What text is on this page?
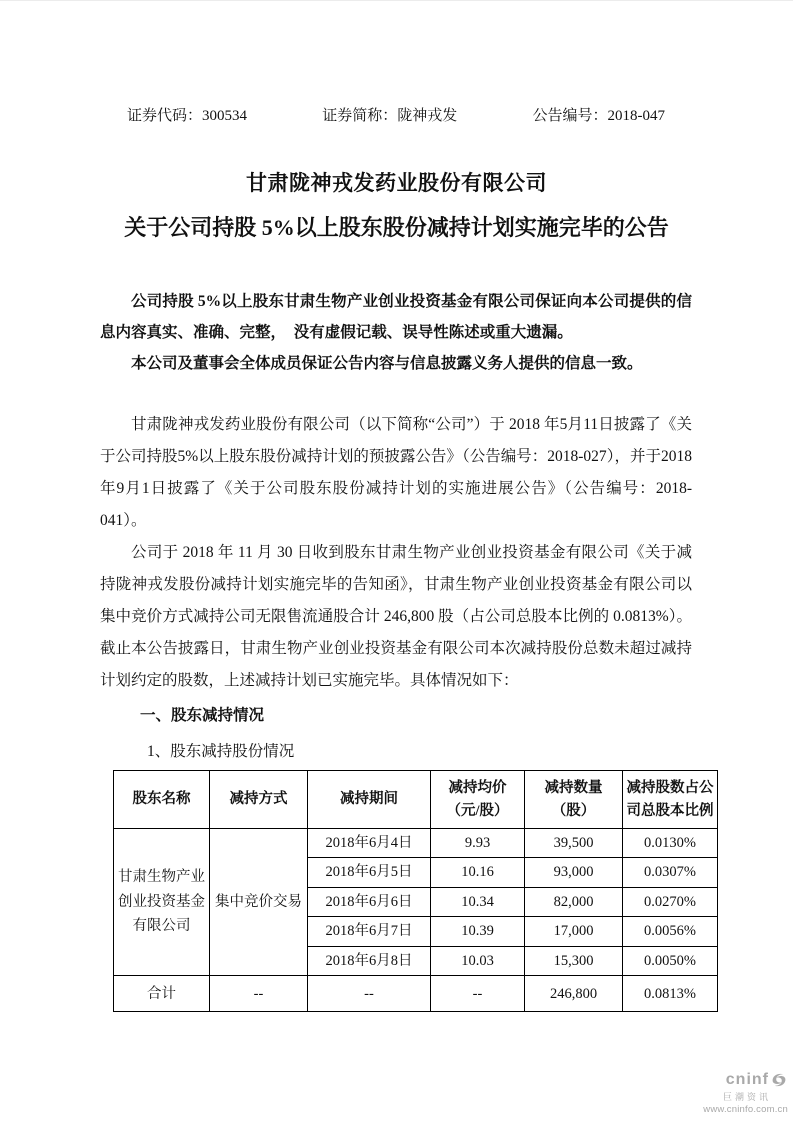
证券代码：300534	证券简称：陇神戎发	公告编号：2018-047
甘肃陇神戎发药业股份有限公司
关于公司持股 5%以上股东股份减持计划实施完毕的公告

公司持股 5%以上股东甘肃生物产业创业投资基金有限公司保证向本公司提供的信息内容真实、准确、完整，　没有虚假记载、误导性陈述或重大遗漏。

本公司及董事会全体成员保证公告内容与信息披露义务人提供的信息一致。

甘肃陇神戎发药业股份有限公司（以下简称“公司”）于 2018 年5月11日披露了《关于公司持股5%以上股东股份减持计划的预披露公告》（公告编号：2018-027），并于2018年9月1日披露了《关于公司股东股份减持计划的实施进展公告》（公告编号：2018-041）。

公司于 2018 年 11 月 30 日收到股东甘肃生物产业创业投资基金有限公司《关于减持陇神戎发股份减持计划实施完毕的告知函》，甘肃生物产业创业投资基金有限公司以集中竞价方式减持公司无限售流通股合计 246,800 股（占公司总股本比例的 0.0813%）。截止本公告披露日，甘肃生物产业创业投资基金有限公司本次减持股份总数未超过减持计划约定的股数，上述减持计划已实施完毕。具体情况如下：

一、股东减持情况
1、股东减持股份情况
股东名称	减持方式	减持期间	减持均价（元/股）	减持数量（股）	减持股数占公司总股本比例
甘肃生物产业创业投资基金有限公司	集中竞价交易	2018年6月4日	9.93	39,500	0.0130%
		2018年6月5日	10.16	93,000	0.0307%
		2018年6月6日	10.34	82,000	0.0270%
		2018年6月7日	10.39	17,000	0.0056%
		2018年6月8日	10.03	15,300	0.0050%
合计	--	--	--	246,800	0.0813%
cninf
巨潮资讯
www.cninfo.com.cn
